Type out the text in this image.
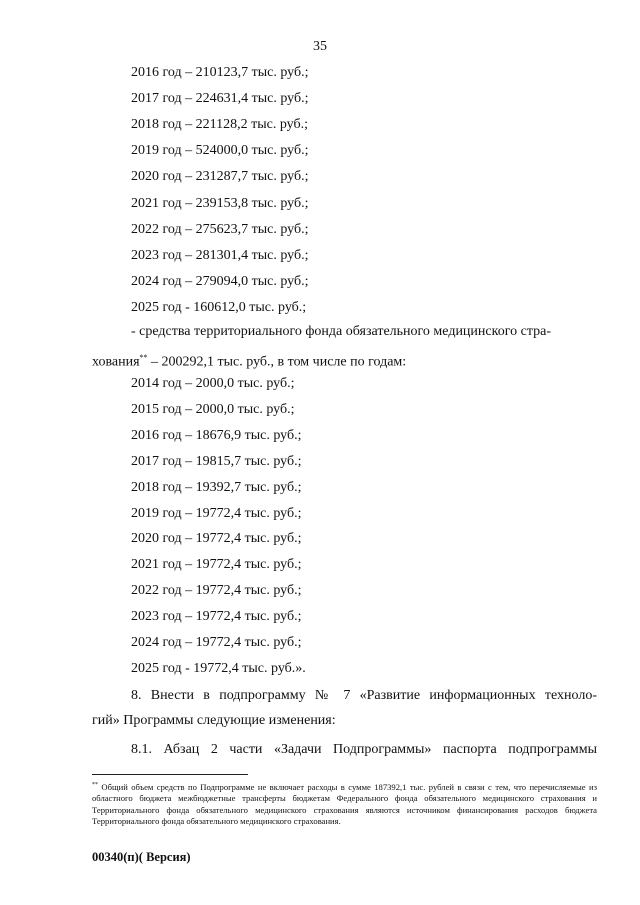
35
2016 год – 210123,7 тыс. руб.;
2017 год – 224631,4 тыс. руб.;
2018 год – 221128,2 тыс. руб.;
2019 год – 524000,0 тыс. руб.;
2020 год – 231287,7 тыс. руб.;
2021 год – 239153,8 тыс. руб.;
2022 год – 275623,7 тыс. руб.;
2023 год – 281301,4 тыс. руб.;
2024 год – 279094,0 тыс. руб.;
2025 год - 160612,0 тыс. руб.;
- средства территориального фонда обязательного медицинского стра-
хования** – 200292,1 тыс. руб., в том числе по годам:
2014 год – 2000,0 тыс. руб.;
2015 год – 2000,0 тыс. руб.;
2016 год – 18676,9 тыс. руб.;
2017 год – 19815,7 тыс. руб.;
2018 год – 19392,7 тыс. руб.;
2019 год – 19772,4 тыс. руб.;
2020 год – 19772,4 тыс. руб.;
2021 год – 19772,4 тыс. руб.;
2022 год – 19772,4 тыс. руб.;
2023 год – 19772,4 тыс. руб.;
2024 год – 19772,4 тыс. руб.;
2025 год - 19772,4 тыс. руб.».
8. Внести в подпрограмму № 7 «Развитие информационных техноло-
гий» Программы следующие изменения:
8.1. Абзац 2 части «Задачи Подпрограммы» паспорта подпрограммы
** Общий объем средств по Подпрограмме не включает расходы в сумме 187392,1 тыс. рублей в связи с тем, что перечисляемые из областного бюджета межбюджетные трансферты бюджетам Федерального фонда обязательного медицинского страхования и Территориального фонда обязательного медицинского страхования являются источником финансирования расходов бюджета Территориального фонда обязательного медицинского страхования.
00340(п)( Версия)
